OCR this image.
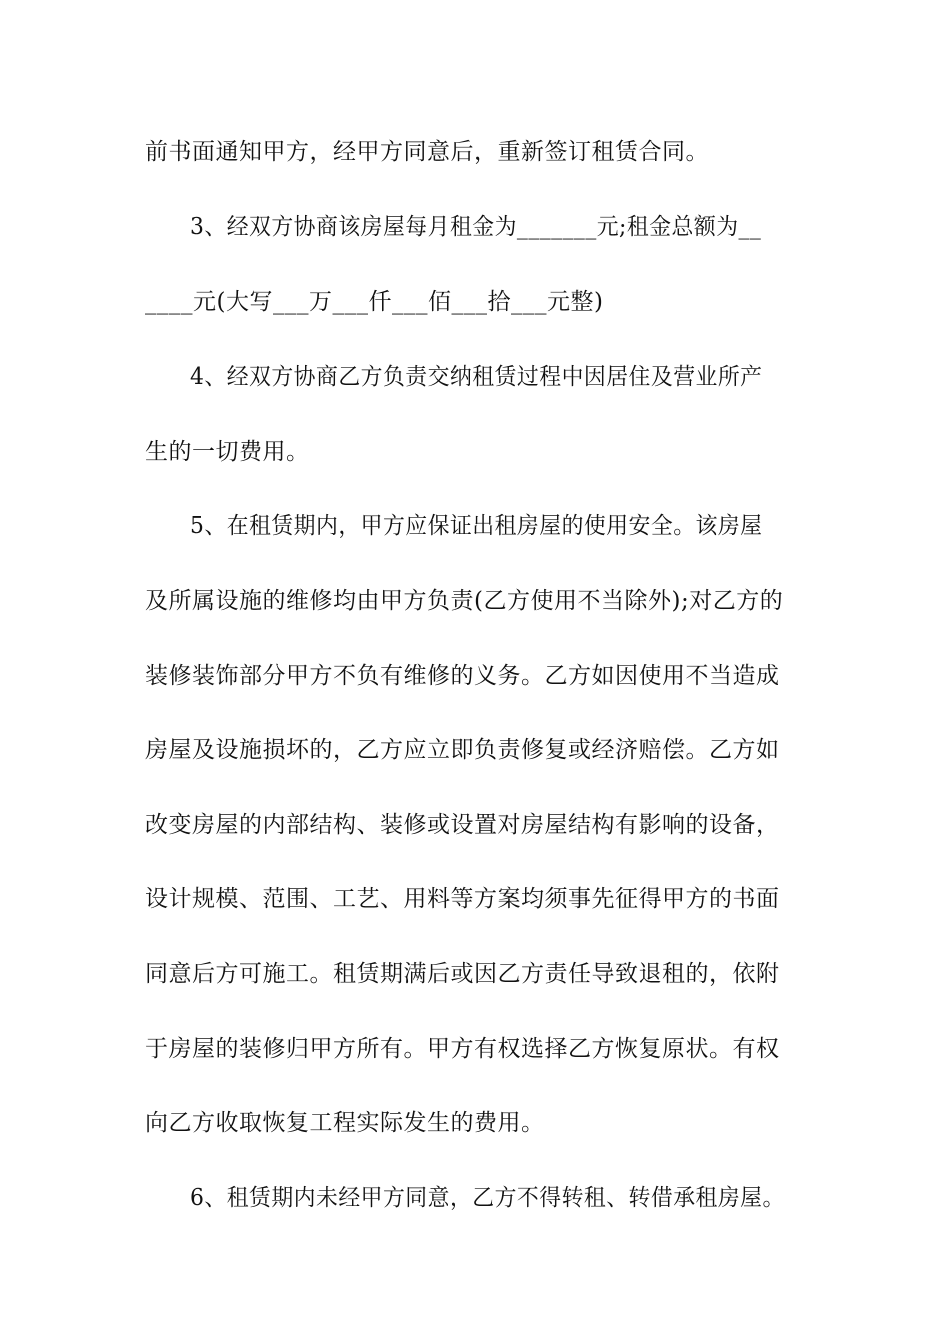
前书面通知甲方，经甲方同意后，重新签订租赁合同。
3、经双方协商该房屋每月租金为_______元;租金总额为__
____元(大写___万___仟___佰___拾___元整)
4、经双方协商乙方负责交纳租赁过程中因居住及营业所产
生的一切费用。
5、在租赁期内，甲方应保证出租房屋的使用安全。该房屋
及所属设施的维修均由甲方负责(乙方使用不当除外);对乙方的
装修装饰部分甲方不负有维修的义务。乙方如因使用不当造成
房屋及设施损坏的，乙方应立即负责修复或经济赔偿。乙方如
改变房屋的内部结构、装修或设置对房屋结构有影响的设备，
设计规模、范围、工艺、用料等方案均须事先征得甲方的书面
同意后方可施工。租赁期满后或因乙方责任导致退租的，依附
于房屋的装修归甲方所有。甲方有权选择乙方恢复原状。有权
向乙方收取恢复工程实际发生的费用。
6、租赁期内未经甲方同意，乙方不得转租、转借承租房屋。
